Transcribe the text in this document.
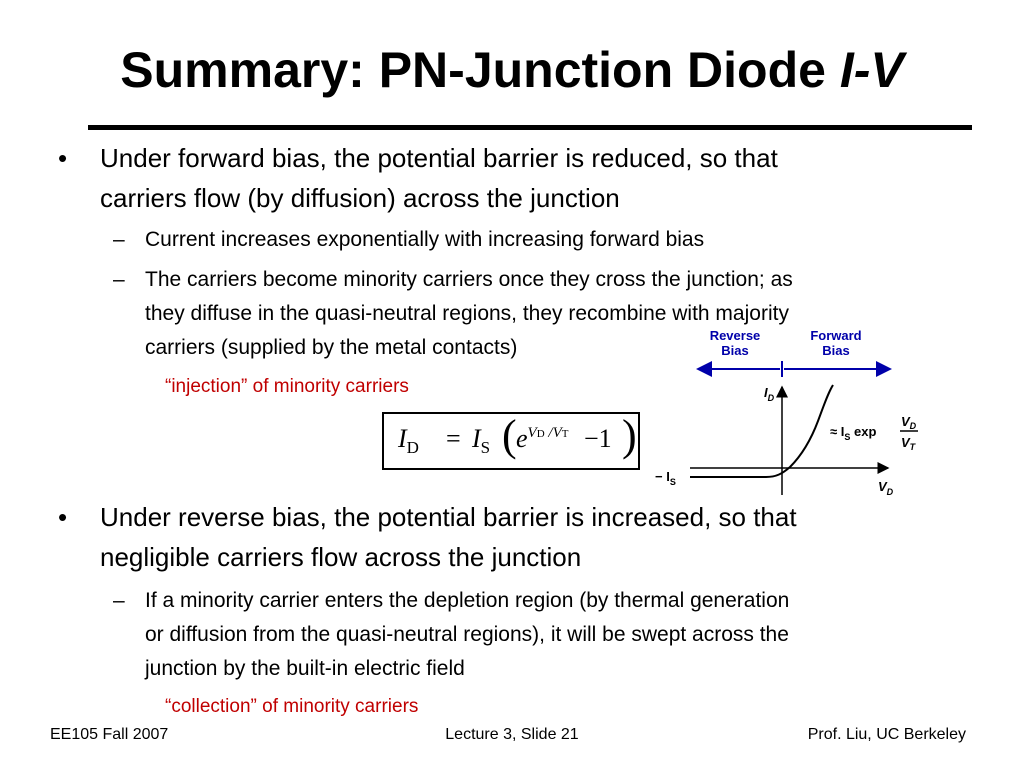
Summary: PN-Junction Diode I-V
• Under forward bias, the potential barrier is reduced, so that
carriers flow (by diffusion) across the junction
– Current increases exponentially with increasing forward bias
– The carriers become minority carriers once they cross the junction; as
they diffuse in the quasi-neutral regions, they recombine with majority
carriers (supplied by the metal contacts)
“injection” of minority carriers
$I_D = I_S$ ( $e^{VD /VT} -1$ )
Reverse
Bias
Forward
Bias
$I_D$
$V_D$
− $I_S$
≈ $I_S$ exp
$V_D$
$V_T$
• Under reverse bias, the potential barrier is increased, so that
negligible carriers flow across the junction
– If a minority carrier enters the depletion region (by thermal generation
or diffusion from the quasi-neutral regions), it will be swept across the
junction by the built-in electric field
“collection” of minority carriers
EE105 Fall 2007	Lecture 3, Slide 21	Prof. Liu, UC Berkeley
